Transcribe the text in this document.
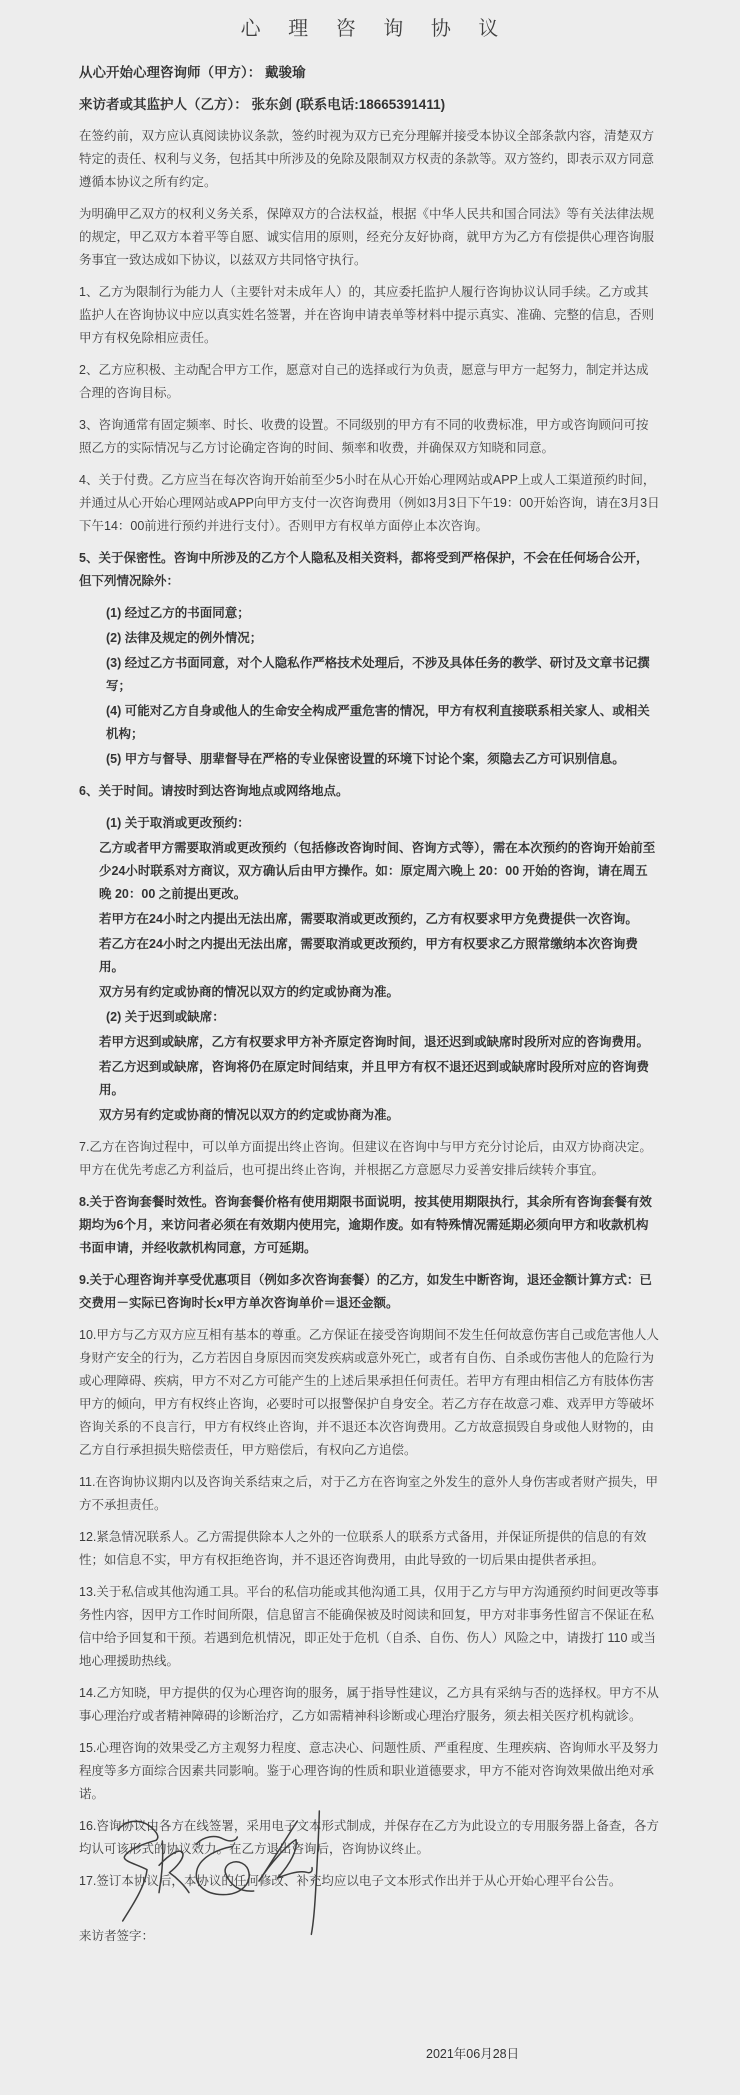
心 理 咨 询 协 议

从心开始心理咨询师（甲方）： 戴骏瑜

来访者或其监护人（乙方）： 张东剑 (联系电话:18665391411)

在签约前，双方应认真阅读协议条款，签约时视为双方已充分理解并接受本协议全部条款内容，清楚双方特定的责任、权利与义务，包括其中所涉及的免除及限制双方权责的条款等。双方签约，即表示双方同意遵循本协议之所有约定。

为明确甲乙双方的权利义务关系，保障双方的合法权益，根据《中华人民共和国合同法》等有关法律法规的规定，甲乙双方本着平等自愿、诚实信用的原则，经充分友好协商，就甲方为乙方有偿提供心理咨询服务事宜一致达成如下协议，以兹双方共同恪守执行。

1、乙方为限制行为能力人（主要针对未成年人）的，其应委托监护人履行咨询协议认同手续。乙方或其监护人在咨询协议中应以真实姓名签署，并在咨询申请表单等材料中提示真实、准确、完整的信息，否则甲方有权免除相应责任。

2、乙方应积极、主动配合甲方工作，愿意对自己的选择或行为负责，愿意与甲方一起努力，制定并达成合理的咨询目标。

3、咨询通常有固定频率、时长、收费的设置。不同级别的甲方有不同的收费标准，甲方或咨询顾问可按照乙方的实际情况与乙方讨论确定咨询的时间、频率和收费，并确保双方知晓和同意。

4、关于付费。乙方应当在每次咨询开始前至少5小时在从心开始心理网站或APP上或人工渠道预约时间，并通过从心开始心理网站或APP向甲方支付一次咨询费用（例如3月3日下午19：00开始咨询，请在3月3日下午14：00前进行预约并进行支付）。否则甲方有权单方面停止本次咨询。

5、关于保密性。咨询中所涉及的乙方个人隐私及相关资料，都将受到严格保护，不会在任何场合公开，但下列情况除外：

(1) 经过乙方的书面同意；

(2) 法律及规定的例外情况；

(3) 经过乙方书面同意，对个人隐私作严格技术处理后，不涉及具体任务的教学、研讨及文章书记撰写；

(4) 可能对乙方自身或他人的生命安全构成严重危害的情况，甲方有权利直接联系相关家人、或相关机构；

(5) 甲方与督导、朋辈督导在严格的专业保密设置的环境下讨论个案，须隐去乙方可识别信息。

6、关于时间。请按时到达咨询地点或网络地点。

(1) 关于取消或更改预约：

乙方或者甲方需要取消或更改预约（包括修改咨询时间、咨询方式等），需在本次预约的咨询开始前至少24小时联系对方商议，双方确认后由甲方操作。如：原定周六晚上 20：00 开始的咨询，请在周五晚 20：00 之前提出更改。

若甲方在24小时之内提出无法出席，需要取消或更改预约，乙方有权要求甲方免费提供一次咨询。

若乙方在24小时之内提出无法出席，需要取消或更改预约，甲方有权要求乙方照常缴纳本次咨询费用。

双方另有约定或协商的情况以双方的约定或协商为准。

(2) 关于迟到或缺席：

若甲方迟到或缺席，乙方有权要求甲方补齐原定咨询时间，退还迟到或缺席时段所对应的咨询费用。

若乙方迟到或缺席，咨询将仍在原定时间结束，并且甲方有权不退还迟到或缺席时段所对应的咨询费用。

双方另有约定或协商的情况以双方的约定或协商为准。

7.乙方在咨询过程中，可以单方面提出终止咨询。但建议在咨询中与甲方充分讨论后，由双方协商决定。甲方在优先考虑乙方利益后，也可提出终止咨询，并根据乙方意愿尽力妥善安排后续转介事宜。

8.关于咨询套餐时效性。咨询套餐价格有使用期限书面说明，按其使用期限执行，其余所有咨询套餐有效期均为6个月，来访问者必须在有效期内使用完，逾期作废。如有特殊情况需延期必须向甲方和收款机构书面申请，并经收款机构同意，方可延期。

9.关于心理咨询并享受优惠项目（例如多次咨询套餐）的乙方，如发生中断咨询，退还金额计算方式：已交费用－实际已咨询时长x甲方单次咨询单价＝退还金额。

10.甲方与乙方双方应互相有基本的尊重。乙方保证在接受咨询期间不发生任何故意伤害自己或危害他人人身财产安全的行为，乙方若因自身原因而突发疾病或意外死亡，或者有自伤、自杀或伤害他人的危险行为或心理障碍、疾病，甲方不对乙方可能产生的上述后果承担任何责任。若甲方有理由相信乙方有肢体伤害甲方的倾向，甲方有权终止咨询，必要时可以报警保护自身安全。若乙方存在故意刁难、戏弄甲方等破坏咨询关系的不良言行，甲方有权终止咨询，并不退还本次咨询费用。乙方故意损毁自身或他人财物的，由乙方自行承担损失赔偿责任，甲方赔偿后，有权向乙方追偿。

11.在咨询协议期内以及咨询关系结束之后，对于乙方在咨询室之外发生的意外人身伤害或者财产损失，甲方不承担责任。

12.紧急情况联系人。乙方需提供除本人之外的一位联系人的联系方式备用，并保证所提供的信息的有效性；如信息不实，甲方有权拒绝咨询，并不退还咨询费用，由此导致的一切后果由提供者承担。

13.关于私信或其他沟通工具。平台的私信功能或其他沟通工具，仅用于乙方与甲方沟通预约时间更改等事务性内容，因甲方工作时间所限，信息留言不能确保被及时阅读和回复，甲方对非事务性留言不保证在私信中给予回复和干预。若遇到危机情况，即正处于危机（自杀、自伤、伤人）风险之中，请拨打 110 或当地心理援助热线。

14.乙方知晓，甲方提供的仅为心理咨询的服务，属于指导性建议，乙方具有采纳与否的选择权。甲方不从事心理治疗或者精神障碍的诊断治疗，乙方如需精神科诊断或心理治疗服务，须去相关医疗机构就诊。

15.心理咨询的效果受乙方主观努力程度、意志决心、问题性质、严重程度、生理疾病、咨询师水平及努力程度等多方面综合因素共同影响。鉴于心理咨询的性质和职业道德要求，甲方不能对咨询效果做出绝对承诺。

16.咨询协议由各方在线签署，采用电子文本形式制成，并保存在乙方为此设立的专用服务器上备查，各方均认可该形式的协议效力。在乙方退出咨询后，咨询协议终止。

17.签订本协议后，本协议的任何修改、补充均应以电子文本形式作出并于从心开始心理平台公告。

来访者签字：

2021年06月28日
